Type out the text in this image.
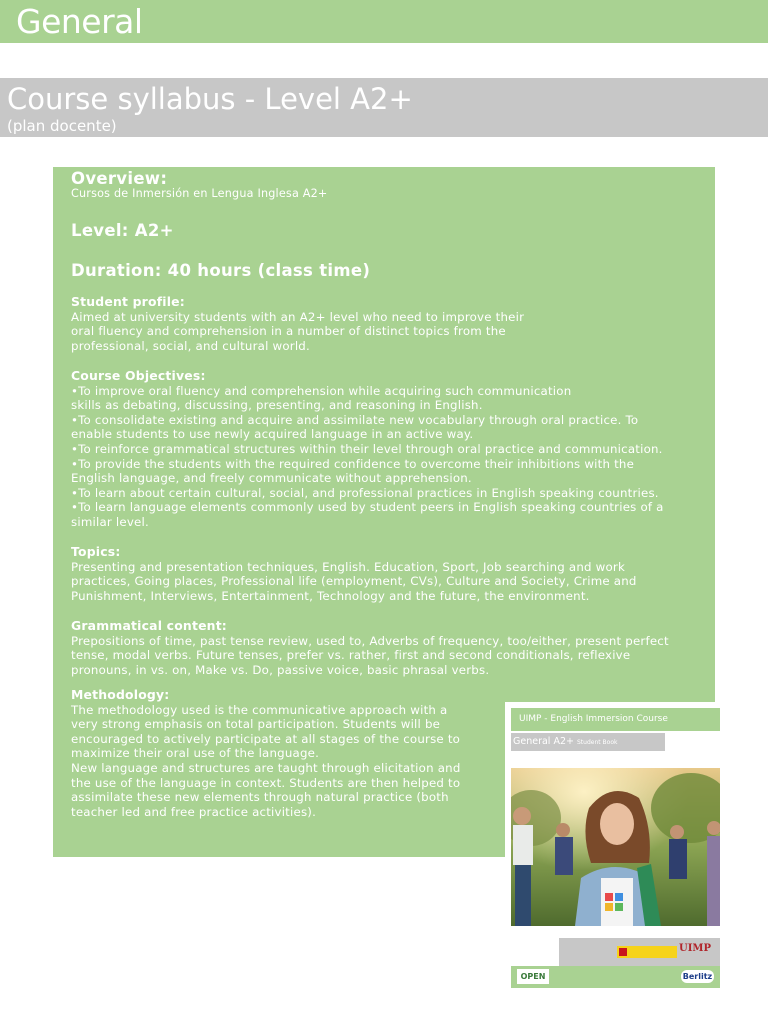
General
Course syllabus - Level A2+
(plan docente)
Overview:
Cursos de Inmersión en Lengua Inglesa A2+
Level: A2+
Duration: 40 hours (class time)

Student profile:

Aimed at university students with an A2+ level who need to improve their

oral fluency and comprehension in a number of distinct topics from the

professional, social, and cultural world.

Course Objectives:

•To improve oral fluency and comprehension while acquiring such communication

skills as debating, discussing, presenting, and reasoning in English.

•To consolidate existing and acquire and assimilate new vocabulary through oral practice. To

enable students to use newly acquired language in an active way.

•To reinforce grammatical structures within their level through oral practice and communication.

•To provide the students with the required confidence to overcome their inhibitions with the

English language, and freely communicate without apprehension.

•To learn about certain cultural, social, and professional practices in English speaking countries.

•To learn language elements commonly used by student peers in English speaking countries of a

similar level.

Topics:

Presenting and presentation techniques, English. Education, Sport, Job searching and work

practices, Going places, Professional life (employment, CVs), Culture and Society, Crime and

Punishment, Interviews, Entertainment, Technology and the future, the environment.

Grammatical content:

Prepositions of time, past tense review, used to, Adverbs of frequency, too/either, present perfect

tense, modal verbs. Future tenses, prefer vs. rather, first and second conditionals, reflexive

pronouns, in vs. on, Make vs. Do, passive voice, basic phrasal verbs.

Methodology:

The methodology used is the communicative approach with a

very strong emphasis on total participation. Students will be

encouraged to actively participate at all stages of the course to

maximize their oral use of the language.

New language and structures are taught through elicitation and

the use of the language in context. Students are then helped to

assimilate these new elements through natural practice (both

teacher led and free practice activities).

UIMP - English Immersion Course
General A2+ Student Book
UIMP
OPEN	Berlitz
